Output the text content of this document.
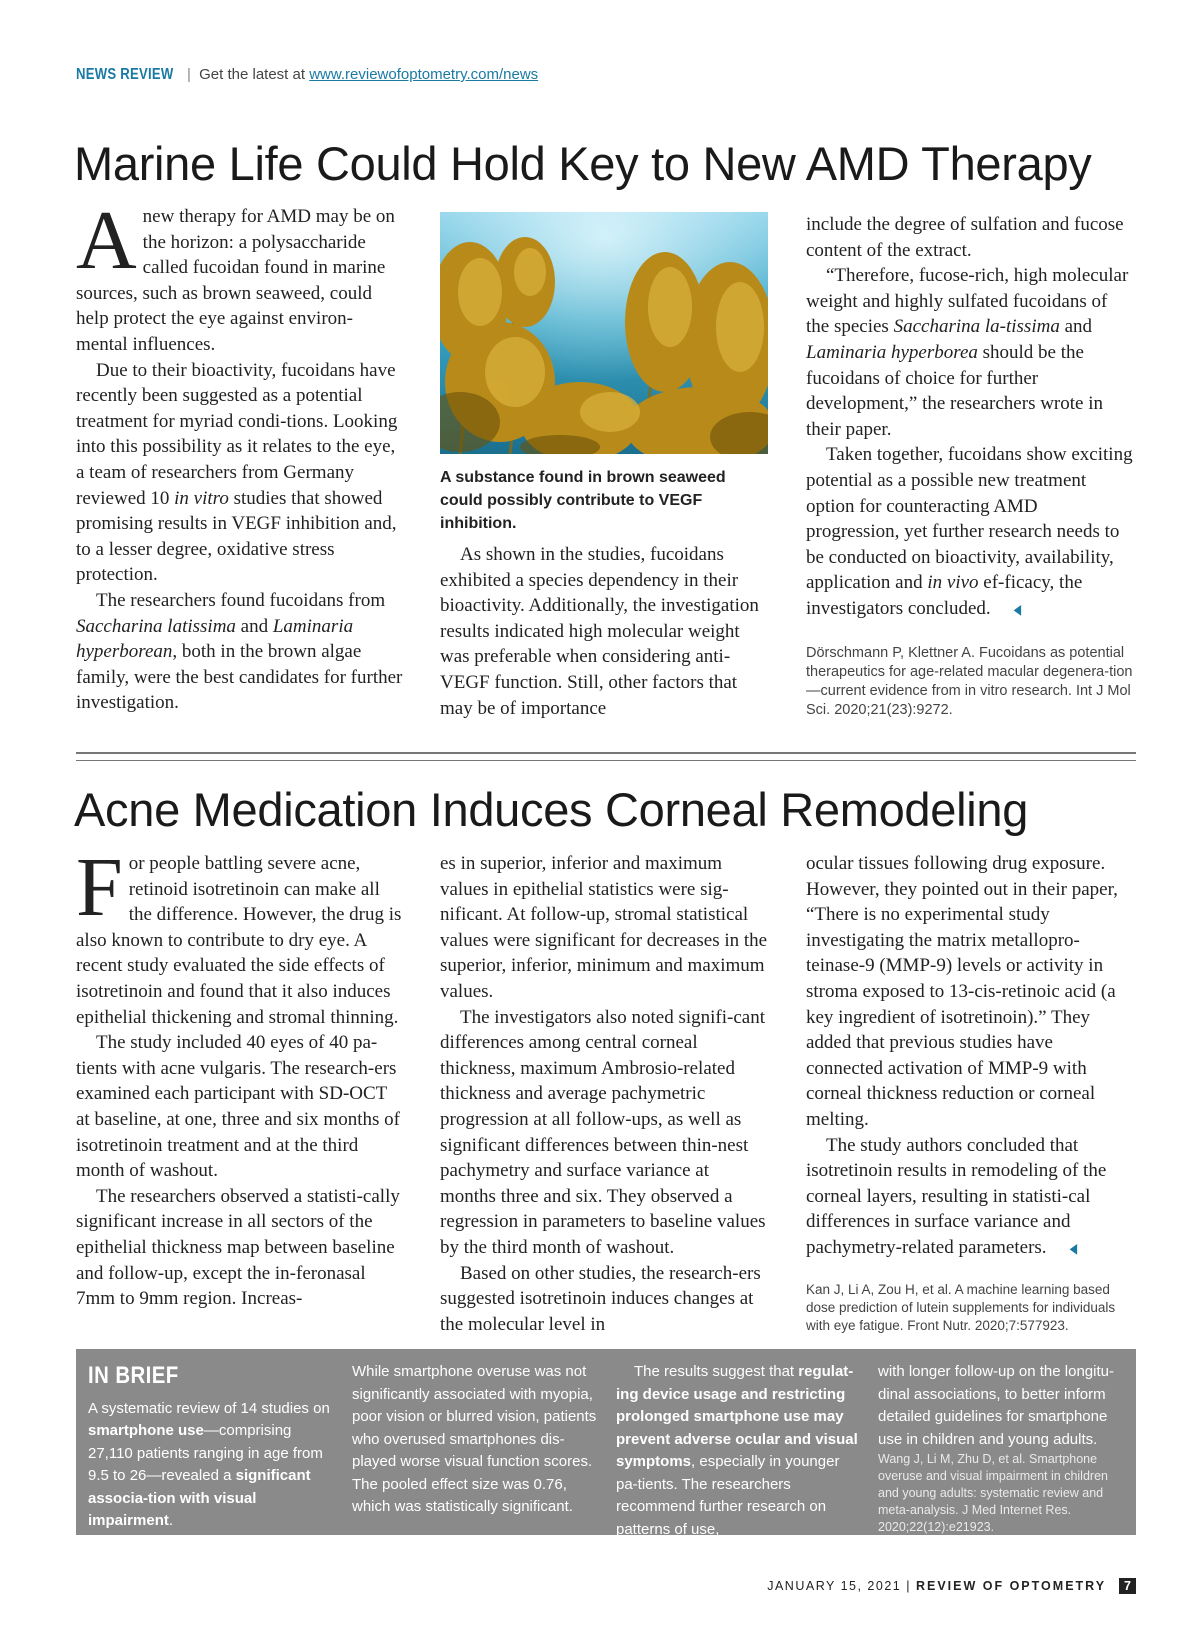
NEWS REVIEW | Get the latest at www.reviewofoptometry.com/news
Marine Life Could Hold Key to New AMD Therapy

Anew therapy for AMD may be on the horizon: a polysaccharide called fucoidan found in marine sources, such as brown seaweed, could help protect the eye against environ-mental influences.

Due to their bioactivity, fucoidans have recently been suggested as a potential treatment for myriad condi-tions. Looking into this possibility as it relates to the eye, a team of researchers from Germany reviewed 10 in vitro studies that showed promising results in VEGF inhibition and, to a lesser degree, oxidative stress protection.

The researchers found fucoidans from Saccharina latissima and Laminaria hyperborean, both in the brown algae family, were the best candidates for further investigation.

A substance found in brown seaweed could possibly contribute to VEGF inhibition.

As shown in the studies, fucoidans exhibited a species dependency in their bioactivity. Additionally, the investigation results indicated high molecular weight was preferable when considering anti-VEGF function. Still, other factors that may be of importance

include the degree of sulfation and fucose content of the extract.

“Therefore, fucose-rich, high molecular weight and highly sulfated fucoidans of the species Saccharina la-tissima and Laminaria hyperborea should be the fucoidans of choice for further development,” the researchers wrote in their paper.

Taken together, fucoidans show exciting potential as a possible new treatment option for counteracting AMD progression, yet further research needs to be conducted on bioactivity, availability, application and in vivo ef-ficacy, the investigators concluded. ◀

Dörschmann P, Klettner A. Fucoidans as potential therapeutics for age-related macular degenera-tion—current evidence from in vitro research. Int J Mol Sci. 2020;21(23):9272.
Acne Medication Induces Corneal Remodeling

For people battling severe acne, retinoid isotretinoin can make all the difference. However, the drug is also known to contribute to dry eye. A recent study evaluated the side effects of isotretinoin and found that it also induces epithelial thickening and stromal thinning.

The study included 40 eyes of 40 pa-tients with acne vulgaris. The research-ers examined each participant with SD-OCT at baseline, at one, three and six months of isotretinoin treatment and at the third month of washout.

The researchers observed a statisti-cally significant increase in all sectors of the epithelial thickness map between baseline and follow-up, except the in-feronasal 7mm to 9mm region. Increas-

es in superior, inferior and maximum values in epithelial statistics were sig-nificant. At follow-up, stromal statistical values were significant for decreases in the superior, inferior, minimum and maximum values.

The investigators also noted signifi-cant differences among central corneal thickness, maximum Ambrosio-related thickness and average pachymetric progression at all follow-ups, as well as significant differences between thin-nest pachymetry and surface variance at months three and six. They observed a regression in parameters to baseline values by the third month of washout.

Based on other studies, the research-ers suggested isotretinoin induces changes at the molecular level in

ocular tissues following drug exposure. However, they pointed out in their paper, “There is no experimental study investigating the matrix metallopro-teinase-9 (MMP-9) levels or activity in stroma exposed to 13-cis-retinoic acid (a key ingredient of isotretinoin).” They added that previous studies have connected activation of MMP-9 with corneal thickness reduction or corneal melting.

The study authors concluded that isotretinoin results in remodeling of the corneal layers, resulting in statisti-cal differences in surface variance and pachymetry-related parameters. ◀

Kan J, Li A, Zou H, et al. A machine learning based dose prediction of lutein supplements for individuals with eye fatigue. Front Nutr. 2020;7:577923.
IN BRIEF

A systematic review of 14 studies on smartphone use—comprising 27,110 patients ranging in age from 9.5 to 26—revealed a significant associa-tion with visual impairment.

While smartphone overuse was not significantly associated with myopia, poor vision or blurred vision, patients who overused smartphones dis-played worse visual function scores. The pooled effect size was 0.76, which was statistically significant.

The results suggest that regulat-ing device usage and restricting prolonged smartphone use may prevent adverse ocular and visual symptoms, especially in younger pa-tients. The researchers recommend further research on patterns of use,

with longer follow-up on the longitu-dinal associations, to better inform detailed guidelines for smartphone use in children and young adults.

Wang J, Li M, Zhu D, et al. Smartphone overuse and visual impairment in children and young adults: systematic review and meta-analysis. J Med Internet Res. 2020;22(12):e21923.

JANUARY 15, 2021 | REVIEW OF OPTOMETRY 7
